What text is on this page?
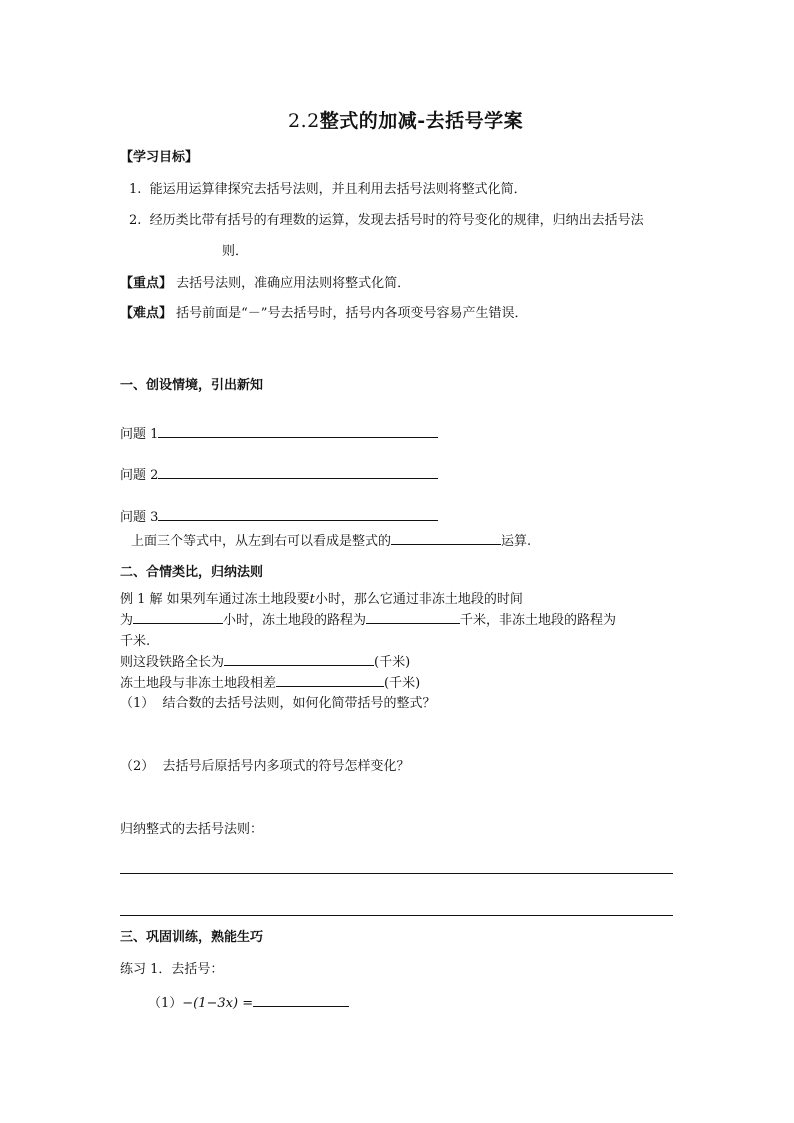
2.2整式的加减-去括号学案
【学习目标】
1. 能运用运算律探究去括号法则，并且利用去括号法则将整式化简．
2. 经历类比带有括号的有理数的运算，发现去括号时的符号变化的规律，归纳出去括号法
则．
【重点】 去括号法则，准确应用法则将整式化简．
【难点】 括号前面是“－”号去括号时，括号内各项变号容易产生错误．
一、创设情境，引出新知
问题 1
问题 2
问题 3
上面三个等式中，从左到右可以看成是整式的	运算.
二、合情类比，归纳法则
例 1 解 如果列车通过冻土地段要t小时，那么它通过非冻土地段的时间
为	小时，冻土地段的路程为	千米，非冻土地段的路程为
千米.
则这段铁路全长为	(千米)
冻土地段与非冻土地段相差	(千米)
（1） 结合数的去括号法则，如何化简带括号的整式？
（2） 去括号后原括号内多项式的符号怎样变化？
归纳整式的去括号法则：
三、巩固训练，熟能生巧
练习 1．去括号：
（1）−(1−3x) =
